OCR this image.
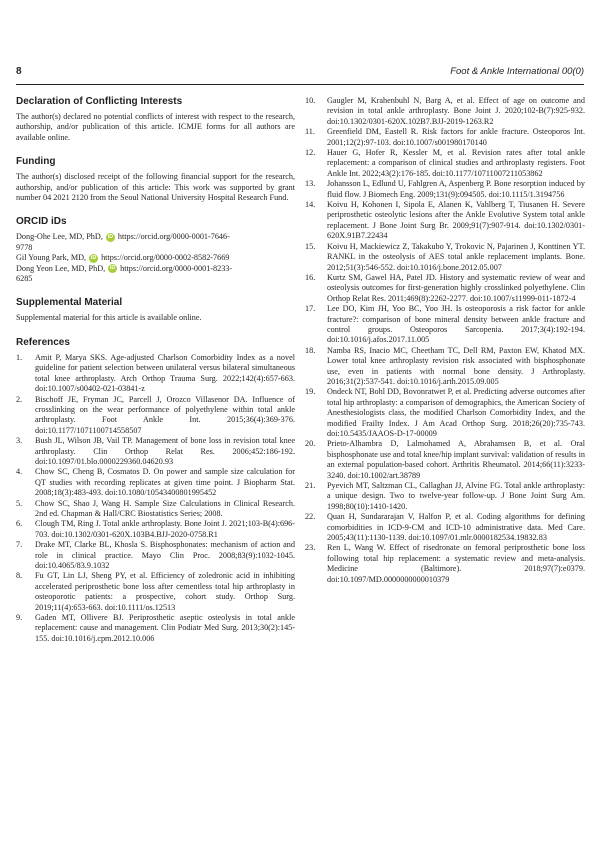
8	Foot & Ankle International 00(0)
Declaration of Conflicting Interests

The author(s) declared no potential conflicts of interest with respect to the research, authorship, and/or publication of this article. ICMJE forms for all authors are available online.

Funding

The author(s) disclosed receipt of the following financial support for the research, authorship, and/or publication of this article: This work was supported by grant number 04 2021 2120 from the Seoul National University Hospital Research Fund.

ORCID iDs
Dong-Ohe Lee, MD, PhD, iD https://orcid.org/0000-0001-7646-
9778
Gil Young Park, MD, iD https://orcid.org/0000-0002-8582-7669
Dong Yeon Lee, MD, PhD, iD https://orcid.org/0000-0001-8233-
6285
Supplemental Material

Supplemental material for this article is available online.

References
1.	Amit P, Marya SKS. Age-adjusted Charlson Comorbidity Index as a novel guideline for patient selection between unilateral versus bilateral simultaneous total knee arthroplasty. Arch Orthop Trauma Surg. 2022;142(4):657-663. doi:10.1007/s00402-021-03841-z
2.	Bischoff JE, Fryman JC, Parcell J, Orozco Villasenor DA. Influence of crosslinking on the wear performance of polyethylene within total ankle arthroplasty. Foot Ankle Int. 2015;36(4):369-376. doi:10.1177/1071100714558507
3.	Bush JL, Wilson JB, Vail TP. Management of bone loss in revision total knee arthroplasty. Clin Orthop Relat Res. 2006;452:186-192. doi:10.1097/01.blo.0000229360.04620.93
4.	Chow SC, Cheng B, Cosmatos D. On power and sample size calculation for QT studies with recording replicates at given time point. J Biopharm Stat. 2008;18(3):483-493. doi:10.1080/10543400801995452
5.	Chow SC, Shao J, Wang H. Sample Size Calculations in Clinical Research. 2nd ed. Chapman & Hall/CRC Biostatistics Series; 2008.
6.	Clough TM, Ring J. Total ankle arthroplasty. Bone Joint J. 2021;103-B(4):696-703. doi:10.1302/0301-620X.103B4.BJJ-2020-0758.R1
7.	Drake MT, Clarke BL, Khosla S. Bisphosphonates: mechanism of action and role in clinical practice. Mayo Clin Proc. 2008;83(9):1032-1045. doi:10.4065/83.9.1032
8.	Fu GT, Lin LJ, Sheng PY, et al. Efficiency of zoledronic acid in inhibiting accelerated periprosthetic bone loss after cementless total hip arthroplasty in osteoporotic patients: a prospective, cohort study. Orthop Surg. 2019;11(4):653-663. doi:10.1111/os.12513
9.	Gaden MT, Ollivere BJ. Periprosthetic aseptic osteolysis in total ankle replacement: cause and management. Clin Podiatr Med Surg. 2013;30(2):145-155. doi:10.1016/j.cpm.2012.10.006
10.	Gaugler M, Krahenbuhl N, Barg A, et al. Effect of age on outcome and revision in total ankle arthroplasty. Bone Joint J. 2020;102-B(7):925-932. doi:10.1302/0301-620X.102B7.BJJ-2019-1263.R2
11.	Greenfield DM, Eastell R. Risk factors for ankle fracture. Osteoporos Int. 2001;12(2):97-103. doi:10.1007/s001980170140
12.	Hauer G, Hofer R, Kessler M, et al. Revision rates after total ankle replacement: a comparison of clinical studies and arthroplasty registers. Foot Ankle Int. 2022;43(2):176-185. doi:10.1177/10711007211053862
13.	Johansson L, Edlund U, Fahlgren A, Aspenberg P. Bone resorption induced by fluid flow. J Biomech Eng. 2009;131(9):094505. doi:10.1115/1.3194756
14.	Koivu H, Kohonen I, Sipola E, Alanen K, Vahlberg T, Tiusanen H. Severe periprosthetic osteolytic lesions after the Ankle Evolutive System total ankle replacement. J Bone Joint Surg Br. 2009;91(7):907-914. doi:10.1302/0301-620X.91B7.22434
15.	Koivu H, Mackiewicz Z, Takakubo Y, Trokovic N, Pajarinen J, Konttinen YT. RANKL in the osteolysis of AES total ankle replacement implants. Bone. 2012;51(3):546-552. doi:10.1016/j.bone.2012.05.007
16.	Kurtz SM, Gawel HA, Patel JD. History and systematic review of wear and osteolysis outcomes for first-generation highly crosslinked polyethylene. Clin Orthop Relat Res. 2011;469(8):2262-2277. doi:10.1007/s11999-011-1872-4
17.	Lee DO, Kim JH, Yoo BC, Yoo JH. Is osteoporosis a risk factor for ankle fracture?: comparison of bone mineral density between ankle fracture and control groups. Osteoporos Sarcopenia. 2017;3(4):192-194. doi:10.1016/j.afos.2017.11.005
18.	Namba RS, Inacio MC, Cheetham TC, Dell RM, Paxton EW, Khatod MX. Lower total knee arthroplasty revision risk associated with bisphosphonate use, even in patients with normal bone density. J Arthroplasty. 2016;31(2):537-541. doi:10.1016/j.arth.2015.09.005
19.	Ondeck NT, Bohl DD, Bovonratwet P, et al. Predicting adverse outcomes after total hip arthroplasty: a comparison of demographics, the American Society of Anesthesiologists class, the modified Charlson Comorbidity Index, and the modified Frailty Index. J Am Acad Orthop Surg. 2018;26(20):735-743. doi:10.5435/JAAOS-D-17-00009
20.	Prieto-Alhambra D, Lalmohamed A, Abrahamsen B, et al. Oral bisphosphonate use and total knee/hip implant survival: validation of results in an external population-based cohort. Arthritis Rheumatol. 2014;66(11):3233-3240. doi:10.1002/art.38789
21.	Pyevich MT, Saltzman CL, Callaghan JJ, Alvine FG. Total ankle arthroplasty: a unique design. Two to twelve-year follow-up. J Bone Joint Surg Am. 1998;80(10):1410-1420.
22.	Quan H, Sundararajan V, Halfon P, et al. Coding algorithms for defining comorbidities in ICD-9-CM and ICD-10 administrative data. Med Care. 2005;43(11):1130-1139. doi:10.1097/01.mlr.0000182534.19832.83
23.	Ren L, Wang W. Effect of risedronate on femoral periprosthetic bone loss following total hip replacement: a systematic review and meta-analysis. Medicine (Baltimore). 2018;97(7):e0379. doi:10.1097/MD.0000000000010379
